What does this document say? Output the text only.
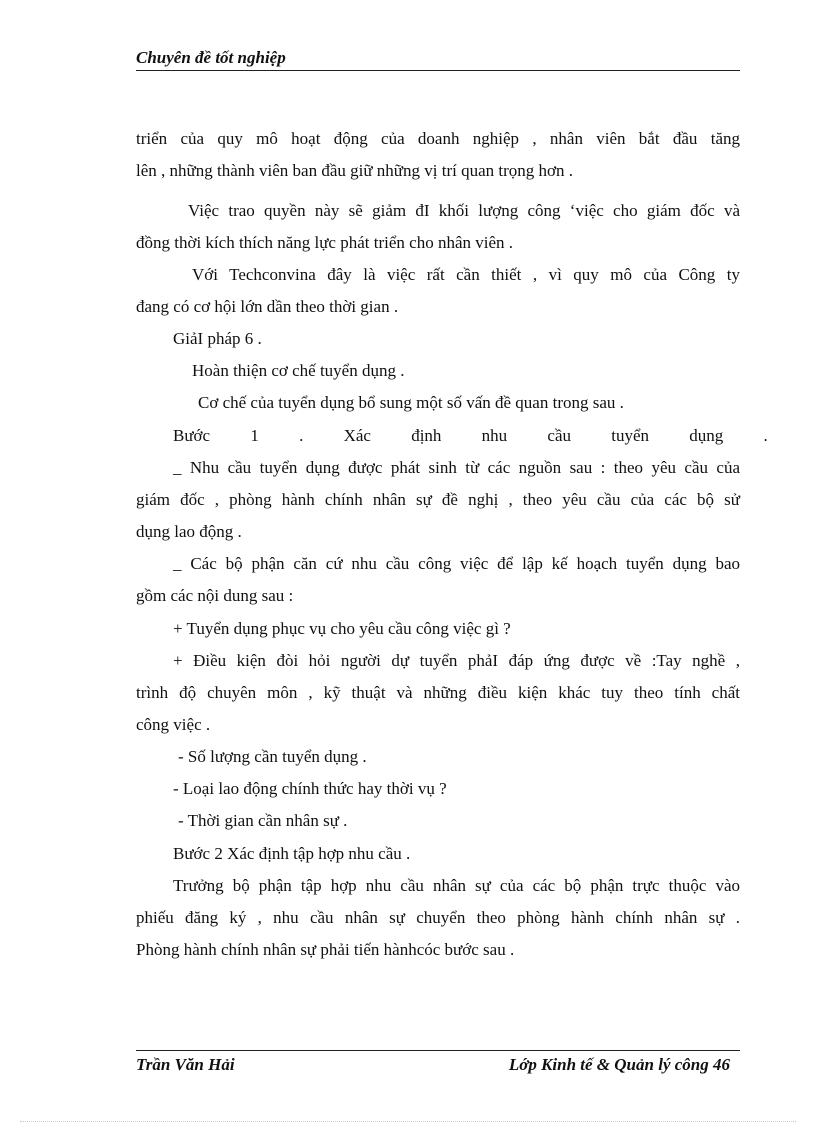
Chuyên đề tốt nghiệp

triển của quy mô hoạt động của doanh nghiệp , nhân viên bắt đầu tăng

lên , những thành viên ban đầu giữ những vị trí quan trọng hơn .

Việc trao quyền này sẽ giảm đI khối lượng công ‘việc cho giám đốc và

đồng thời kích thích năng lực phát triển cho nhân viên .

Với Techconvina đây là việc rất cần thiết , vì quy mô của Công ty

đang có cơ hội lớn dần theo thời gian .

GiảI pháp 6 .

Hoàn thiện cơ chế tuyển dụng .

Cơ chế của tuyển dụng bổ sung một số vấn đề quan trong sau .

Bước 1 . Xác định nhu cầu tuyển dụng .

_ Nhu cầu tuyển dụng được phát sinh từ các nguồn sau : theo yêu cầu của

giám đốc , phòng hành chính nhân sự đề nghị , theo yêu cầu của các bộ sử

dụng lao động .

_ Các bộ phận căn cứ nhu cầu công việc để lập kế hoạch tuyển dụng bao

gồm các nội dung sau :

+ Tuyển dụng phục vụ cho yêu cầu công việc gì ?

+ Điều kiện đòi hỏi người dự tuyển phảI đáp ứng được về :Tay nghề ,

trình độ chuyên môn , kỹ thuật và những điều kiện khác tuy theo tính chất

công việc .

- Số lượng cần tuyển dụng .

- Loại lao động chính thức hay thời vụ ?

- Thời gian cần nhân sự .

Bước 2 Xác định tập hợp nhu cầu .

Trưởng bộ phận tập hợp nhu cầu nhân sự của các bộ phận trực thuộc vào

phiếu đăng ký , nhu cầu nhân sự chuyển theo phòng hành chính nhân sự .

Phòng hành chính nhân sự phải tiến hànhcóc bước sau .

Trần Văn Hải	Lớp Kinh tế & Quản lý công 46
